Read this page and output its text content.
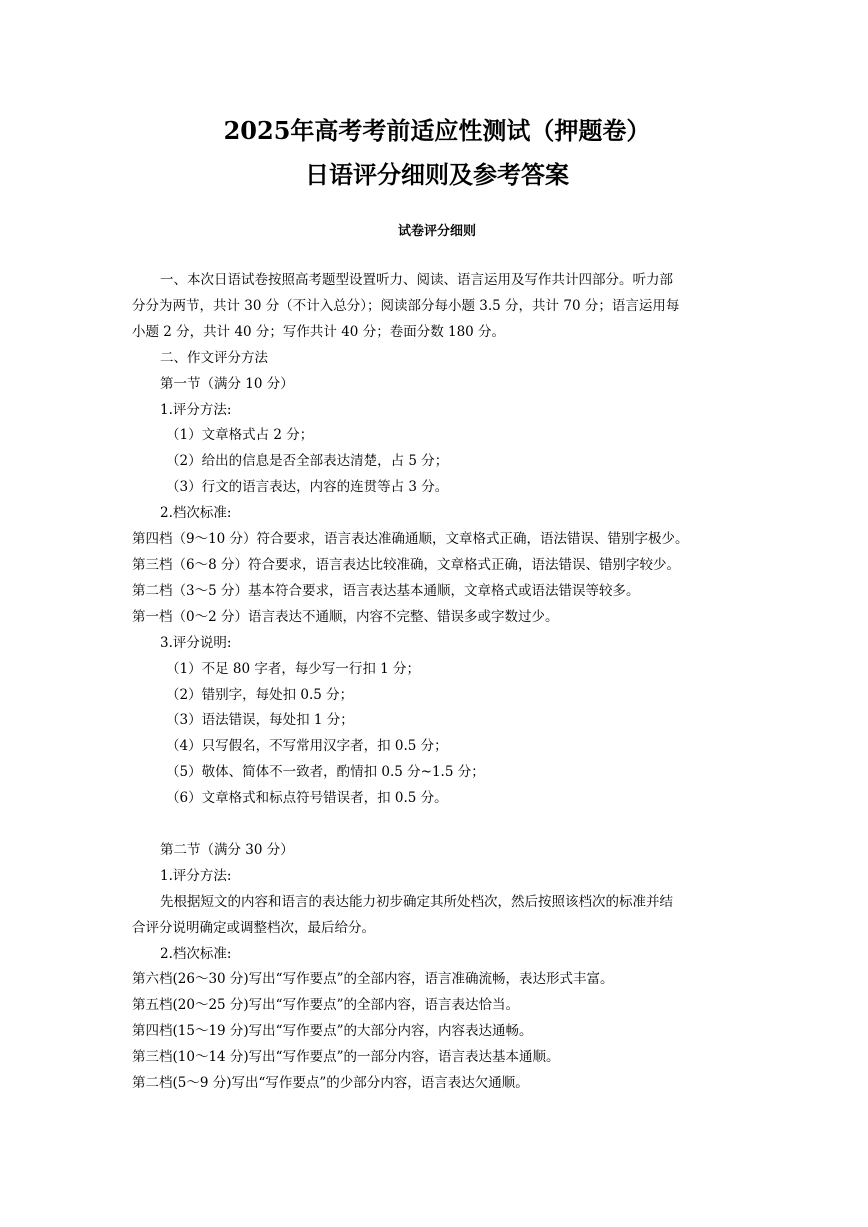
2025年高考考前适应性测试（押题卷）
日语评分细则及参考答案
试卷评分细则
一、本次日语试卷按照高考题型设置听力、阅读、语言运用及写作共计四部分。听力部
分分为两节，共计 30 分（不计入总分）；阅读部分每小题 3.5 分，共计 70 分；语言运用每
小题 2 分，共计 40 分；写作共计 40 分；卷面分数 180 分。
二、作文评分方法
第一节（满分 10 分）
1.评分方法:
（1）文章格式占 2 分；
（2）给出的信息是否全部表达清楚，占 5 分；
（3）行文的语言表达，内容的连贯等占 3 分。
2.档次标准:
第四档（9～10 分）符合要求，语言表达准确通顺，文章格式正确，语法错误、错别字极少。
第三档（6～8 分）符合要求，语言表达比较准确，文章格式正确，语法错误、错别字较少。
第二档（3～5 分）基本符合要求，语言表达基本通顺，文章格式或语法错误等较多。
第一档（0～2 分）语言表达不通顺，内容不完整、错误多或字数过少。
3.评分说明:
（1）不足 80 字者，每少写一行扣 1 分；
（2）错别字，每处扣 0.5 分；
（3）语法错误，每处扣 1 分；
（4）只写假名，不写常用汉字者，扣 0.5 分；
（5）敬体、简体不一致者，酌情扣 0.5 分~1.5 分；
（6）文章格式和标点符号错误者，扣 0.5 分。
第二节（满分 30 分）
1.评分方法:
先根据短文的内容和语言的表达能力初步确定其所处档次，然后按照该档次的标准并结
合评分说明确定或调整档次，最后给分。
2.档次标准:
第六档(26～30 分)写出“写作要点”的全部内容，语言准确流畅，表达形式丰富。
第五档(20～25 分)写出“写作要点”的全部内容，语言表达恰当。
第四档(15～19 分)写出“写作要点”的大部分内容，内容表达通畅。
第三档(10～14 分)写出“写作要点”的一部分内容，语言表达基本通顺。
第二档(5～9 分)写出“写作要点”的少部分内容，语言表达欠通顺。
